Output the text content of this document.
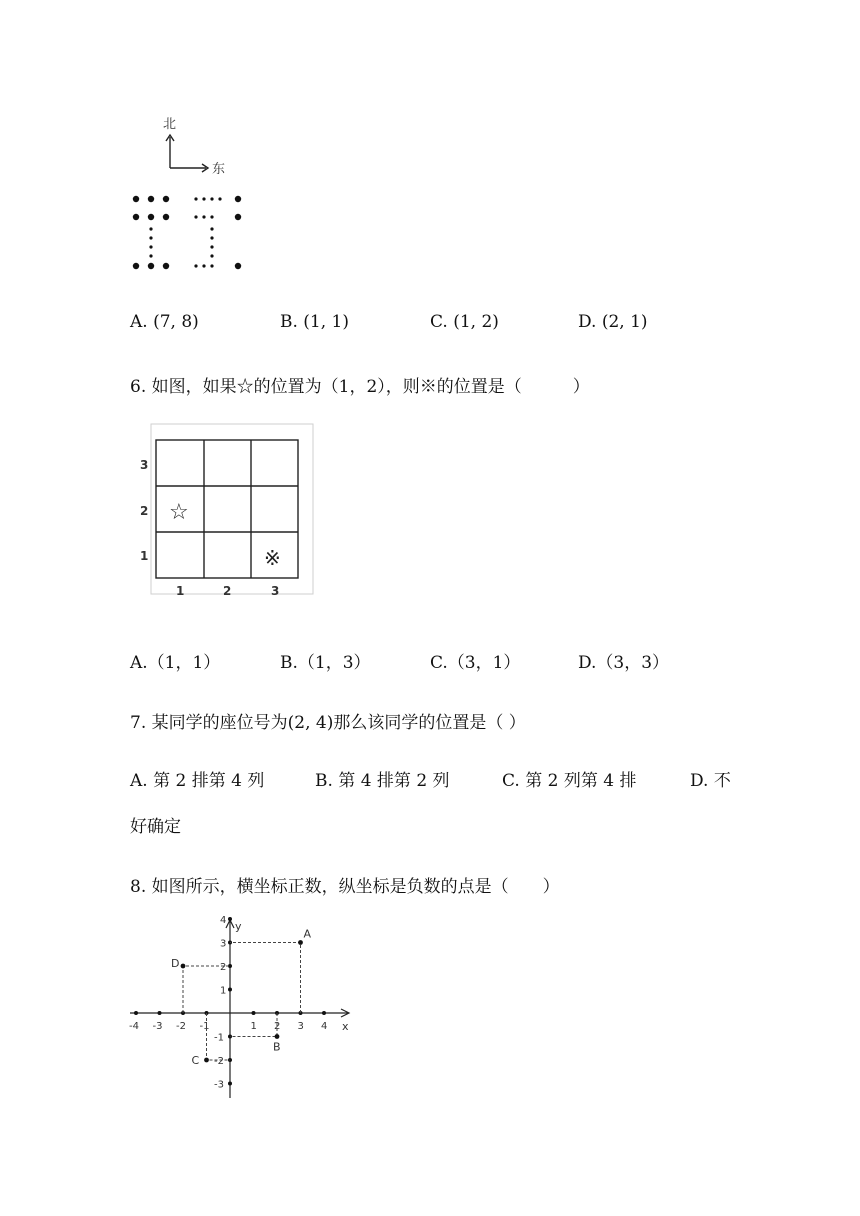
北
东
A. (7, 8)	B. (1, 1)	C. (1, 2)	D. (2, 1)
6. 如图，如果☆的位置为（1，2），则※的位置是（　　　）
3
2
1
1	2	3
☆
※
A.（1，1）	B.（1，3）	C.（3，1）	D.（3，3）
7. 某同学的座位号为(2, 4)那么该同学的位置是（ ）
A. 第 2 排第 4 列	B. 第 4 排第 2 列	C. 第 2 列第 4 排	D. 不
好确定
8. 如图所示，横坐标正数，纵坐标是负数的点是（　　）
x
y
-4 -3 -2 -1	1 2 3 4
4
3
2
1
-1
-2
-3
A
B
C
D
